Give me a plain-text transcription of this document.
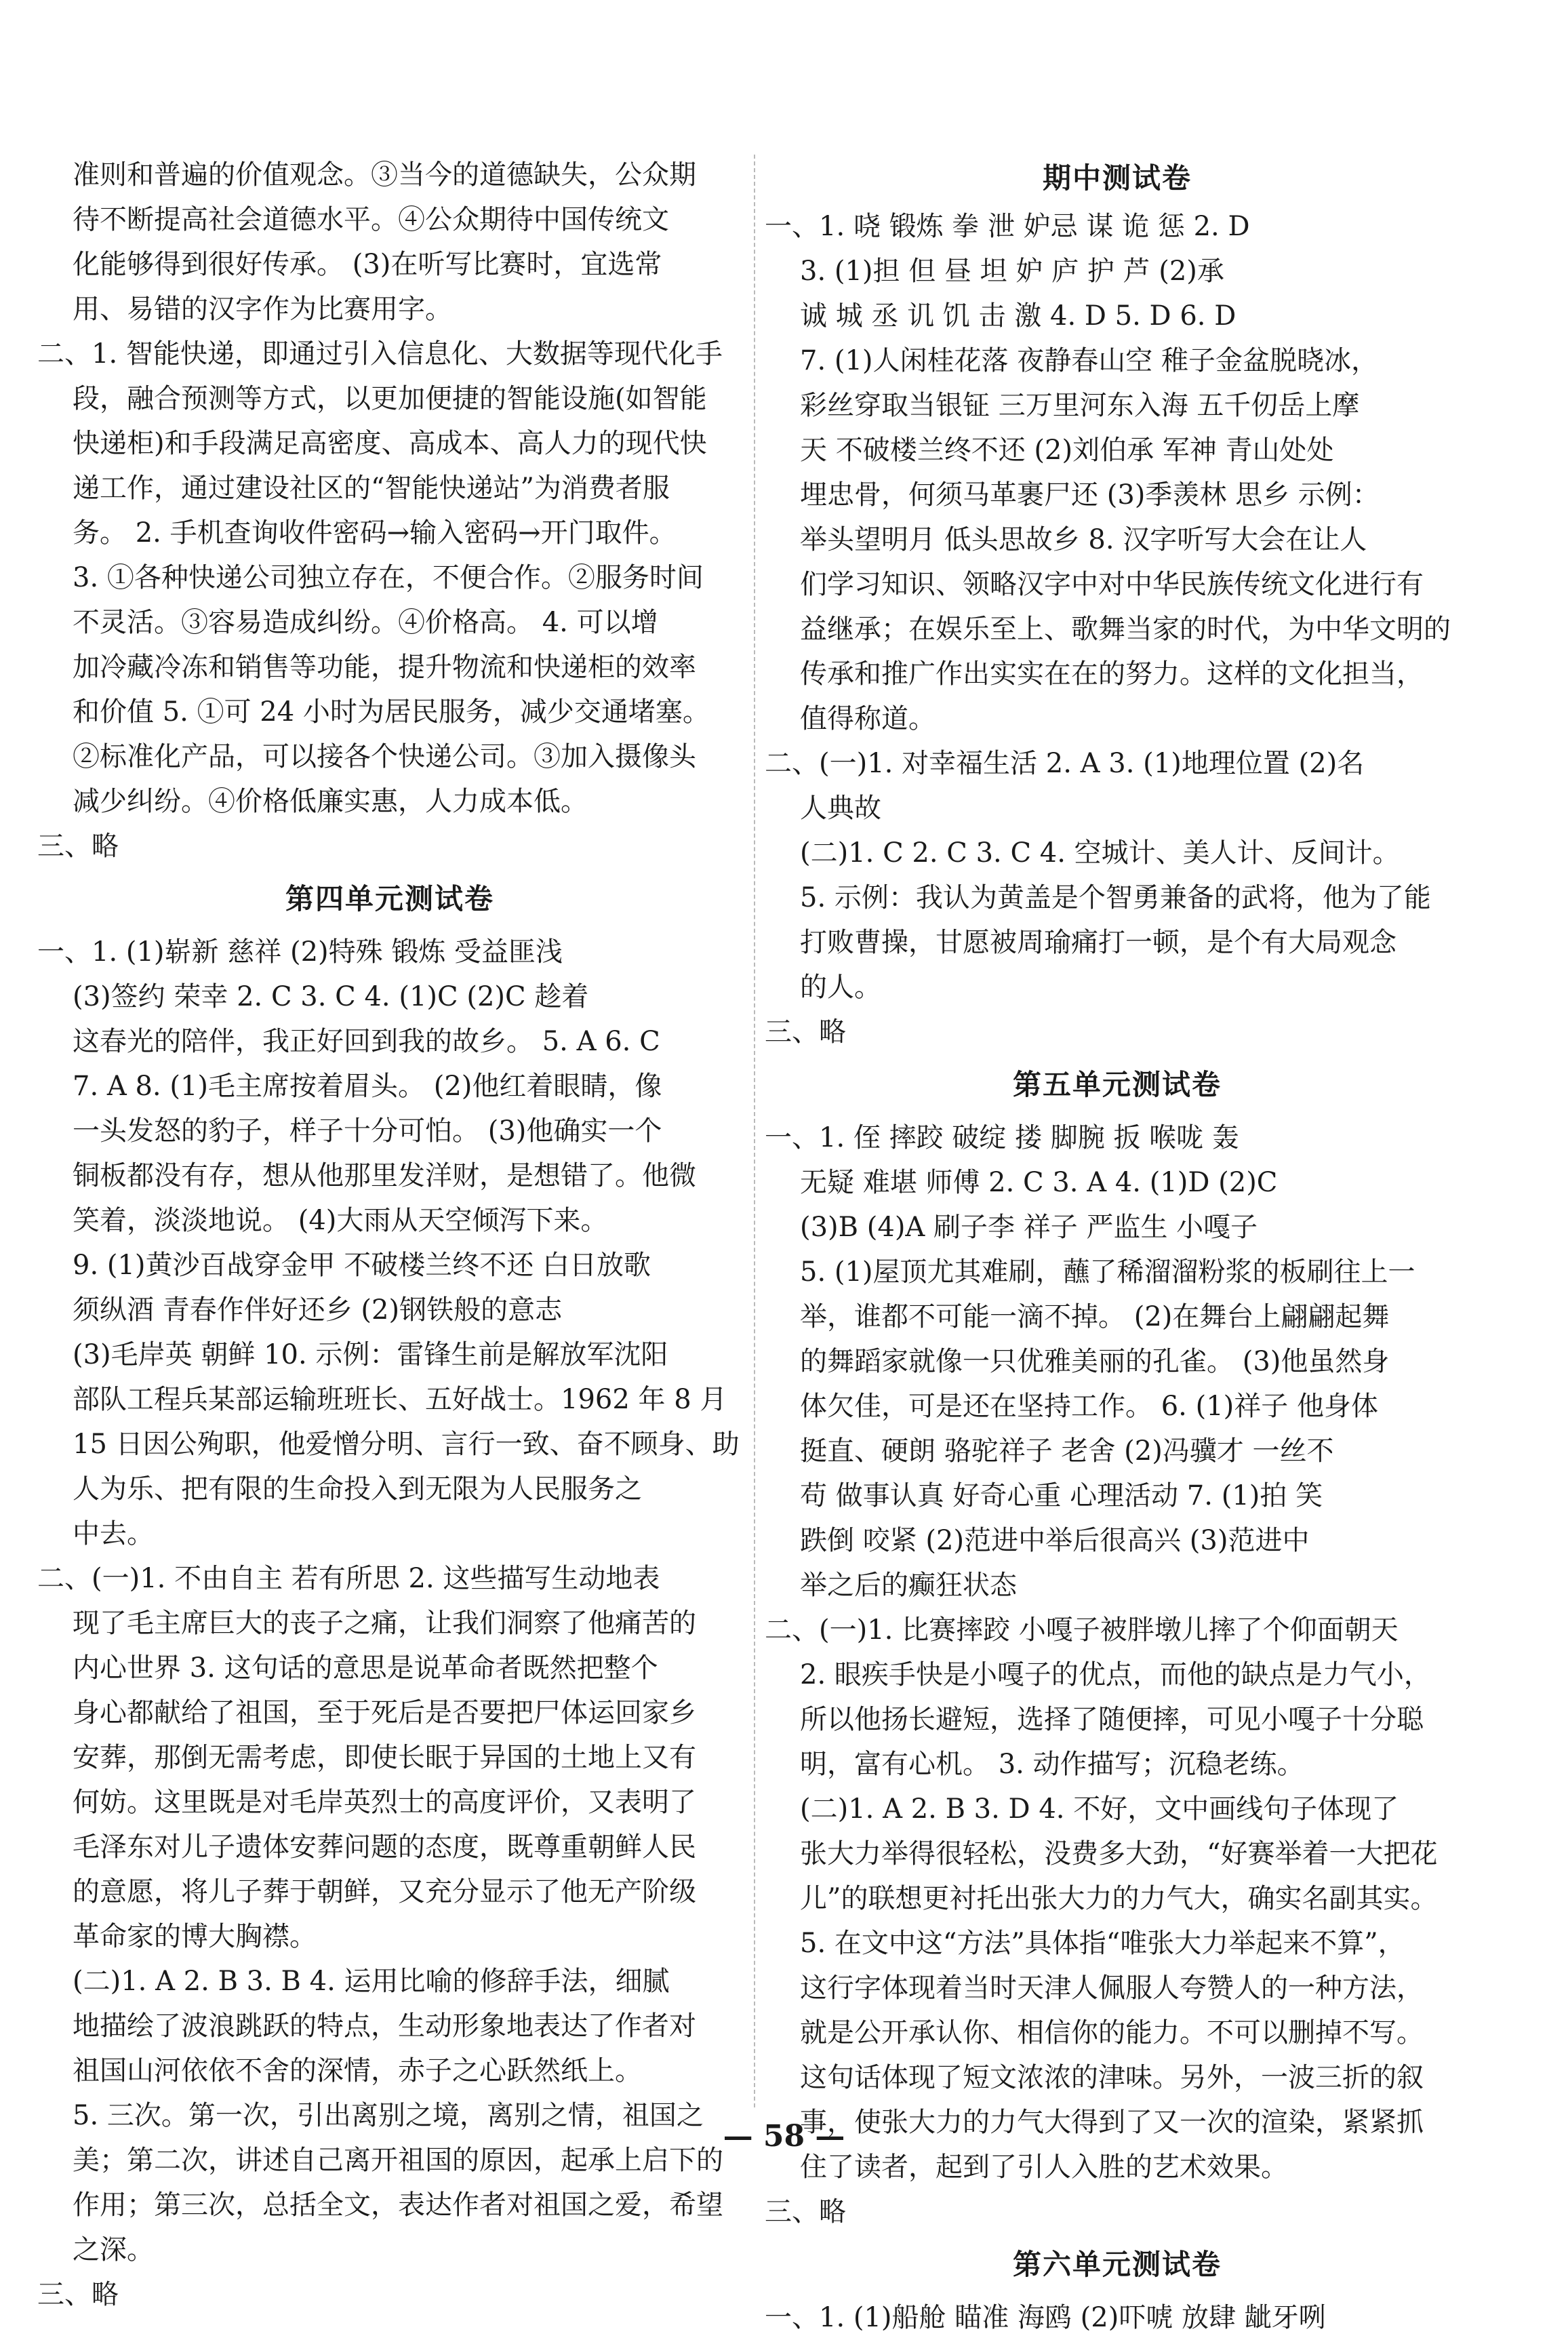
准则和普遍的价值观念。③当今的道德缺失，公众期
待不断提高社会道德水平。④公众期待中国传统文
化能够得到很好传承。 (3)在听写比赛时，宜选常
用、易错的汉字作为比赛用字。
二、1. 智能快递，即通过引入信息化、大数据等现代化手
段，融合预测等方式，以更加便捷的智能设施(如智能
快递柜)和手段满足高密度、高成本、高人力的现代快
递工作，通过建设社区的“智能快递站”为消费者服
务。 2. 手机查询收件密码→输入密码→开门取件。
3. ①各种快递公司独立存在，不便合作。②服务时间
不灵活。③容易造成纠纷。④价格高。 4. 可以增
加冷藏冷冻和销售等功能，提升物流和快递柜的效率
和价值 5. ①可 24 小时为居民服务，减少交通堵塞。
②标准化产品，可以接各个快递公司。③加入摄像头
减少纠纷。④价格低廉实惠，人力成本低。
三、略
第四单元测试卷
一、1. (1)崭新 慈祥 (2)特殊 锻炼 受益匪浅
(3)签约 荣幸 2. C 3. C 4. (1)C (2)C 趁着
这春光的陪伴，我正好回到我的故乡。 5. A 6. C
7. A 8. (1)毛主席按着眉头。 (2)他红着眼睛，像
一头发怒的豹子，样子十分可怕。 (3)他确实一个
铜板都没有存，想从他那里发洋财，是想错了。他微
笑着，淡淡地说。 (4)大雨从天空倾泻下来。
9. (1)黄沙百战穿金甲 不破楼兰终不还 白日放歌
须纵酒 青春作伴好还乡 (2)钢铁般的意志
(3)毛岸英 朝鲜 10. 示例：雷锋生前是解放军沈阳
部队工程兵某部运输班班长、五好战士。1962 年 8 月
15 日因公殉职，他爱憎分明、言行一致、奋不顾身、助
人为乐、把有限的生命投入到无限为人民服务之
中去。
二、(一)1. 不由自主 若有所思 2. 这些描写生动地表
现了毛主席巨大的丧子之痛，让我们洞察了他痛苦的
内心世界 3. 这句话的意思是说革命者既然把整个
身心都献给了祖国，至于死后是否要把尸体运回家乡
安葬，那倒无需考虑，即使长眠于异国的土地上又有
何妨。这里既是对毛岸英烈士的高度评价，又表明了
毛泽东对儿子遗体安葬问题的态度，既尊重朝鲜人民
的意愿，将儿子葬于朝鲜，又充分显示了他无产阶级
革命家的博大胸襟。
(二)1. A 2. B 3. B 4. 运用比喻的修辞手法，细腻
地描绘了波浪跳跃的特点，生动形象地表达了作者对
祖国山河依依不舍的深情，赤子之心跃然纸上。
5. 三次。第一次，引出离别之境，离别之情，祖国之
美；第二次，讲述自己离开祖国的原因，起承上启下的
作用；第三次，总括全文，表达作者对祖国之爱，希望
之深。
三、略
期中测试卷
一、1. 哓 锻炼 拳 泄 妒忌 谋 诡 惩 2. D
3. (1)担 但 昼 坦 妒 庐 护 芦 (2)承
诚 城 丞 讥 饥 击 激 4. D 5. D 6. D
7. (1)人闲桂花落 夜静春山空 稚子金盆脱晓冰，
彩丝穿取当银钲 三万里河东入海 五千仞岳上摩
天 不破楼兰终不还 (2)刘伯承 军神 青山处处
埋忠骨，何须马革裹尸还 (3)季羡林 思乡 示例：
举头望明月 低头思故乡 8. 汉字听写大会在让人
们学习知识、领略汉字中对中华民族传统文化进行有
益继承；在娱乐至上、歌舞当家的时代，为中华文明的
传承和推广作出实实在在的努力。这样的文化担当，
值得称道。
二、(一)1. 对幸福生活 2. A 3. (1)地理位置 (2)名
人典故
(二)1. C 2. C 3. C 4. 空城计、美人计、反间计。
5. 示例：我认为黄盖是个智勇兼备的武将，他为了能
打败曹操，甘愿被周瑜痛打一顿，是个有大局观念
的人。
三、略
第五单元测试卷
一、1. 侄 摔跤 破绽 搂 脚腕 扳 喉咙 轰
无疑 难堪 师傅 2. C 3. A 4. (1)D (2)C
(3)B (4)A 刷子李 祥子 严监生 小嘎子
5. (1)屋顶尤其难刷，蘸了稀溜溜粉浆的板刷往上一
举，谁都不可能一滴不掉。 (2)在舞台上翩翩起舞
的舞蹈家就像一只优雅美丽的孔雀。 (3)他虽然身
体欠佳，可是还在坚持工作。 6. (1)祥子 他身体
挺直、硬朗 骆驼祥子 老舍 (2)冯骥才 一丝不
苟 做事认真 好奇心重 心理活动 7. (1)拍 笑
跌倒 咬紧 (2)范进中举后很高兴 (3)范进中
举之后的癫狂状态
二、(一)1. 比赛摔跤 小嘎子被胖墩儿摔了个仰面朝天
2. 眼疾手快是小嘎子的优点，而他的缺点是力气小，
所以他扬长避短，选择了随便摔，可见小嘎子十分聪
明，富有心机。 3. 动作描写；沉稳老练。
(二)1. A 2. B 3. D 4. 不好，文中画线句子体现了
张大力举得很轻松，没费多大劲，“好赛举着一大把花
儿”的联想更衬托出张大力的力气大，确实名副其实。
5. 在文中这“方法”具体指“唯张大力举起来不算”，
这行字体现着当时天津人佩服人夸赞人的一种方法，
就是公开承认你、相信你的能力。不可以删掉不写。
这句话体现了短文浓浓的津味。另外，一波三折的叙
事，使张大力的力气大得到了又一次的渲染，紧紧抓
住了读者，起到了引人入胜的艺术效果。
三、略
第六单元测试卷
一、1. (1)船舱 瞄准 海鸥 (2)吓唬 放肆 龇牙咧
— 58 —
